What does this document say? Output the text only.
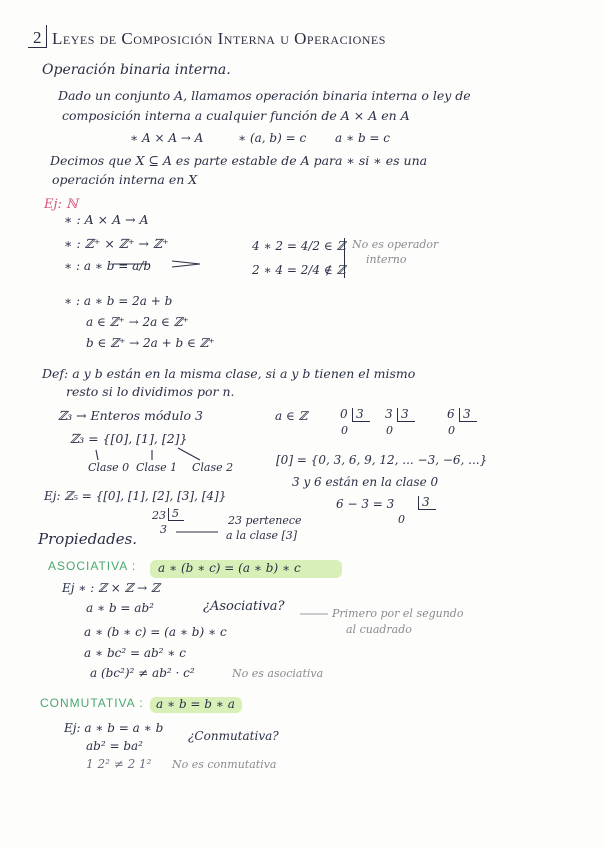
2 Leyes de Composición Interna u Operaciones
Operación binaria interna.
Dado un conjunto A, llamamos operación binaria interna o ley de
composición interna a cualquier función de A × A en A
∗ A × A → A	∗ (a, b) = c a ∗ b = c
Decimos que X ⊆ A es parte estable de A para ∗ si ∗ es una
operación interna en X
Ej: ℕ
∗ : A × A → A
∗ : ℤ⁺ × ℤ⁺ → ℤ⁺
∗ : a ∗ b = a/b
4 ∗ 2 = 4/2 ∈ ℤ
2 ∗ 4 = 2/4 ∉ ℤ
No es operador
interno
∗ : a ∗ b = 2a + b
a ∈ ℤ⁺ → 2a ∈ ℤ⁺
b ∈ ℤ⁺ → 2a + b ∈ ℤ⁺
Def: a y b están en la misma clase, si a y b tienen el mismo
resto si lo dividimos por n.
ℤ₃ → Enteros módulo 3
ℤ₃ = {[0], [1], [2]}
Clase 0 Clase 1 Clase 2
a ∈ ℤ	0 3
0
3 3
0
6 3
0
[0] = {0, 3, 6, 9, 12, ... −3, −6, ...}
3 y 6 están en la clase 0
6 − 3 = 3	3
0
Ej: ℤ₅ = {[0], [1], [2], [3], [4]}
23 5
3
23 pertenece
a la clase [3]
Propiedades.
ASOCIATIVA : a ∗ (b ∗ c) = (a ∗ b) ∗ c
Ej ∗ : ℤ × ℤ → ℤ
a ∗ b = ab²	¿Asociativa?	Primero por el segundo
al cuadrado
a ∗ (b ∗ c) = (a ∗ b) ∗ c
a ∗ bc² = ab² ∗ c
a (bc²)² ≠ ab² · c²	No es asociativa
CONMUTATIVA : a ∗ b = b ∗ a
Ej: a ∗ b = a ∗ b
¿Conmutativa?
ab² = ba²
1 2² ≠ 2 1² No es conmutativa
